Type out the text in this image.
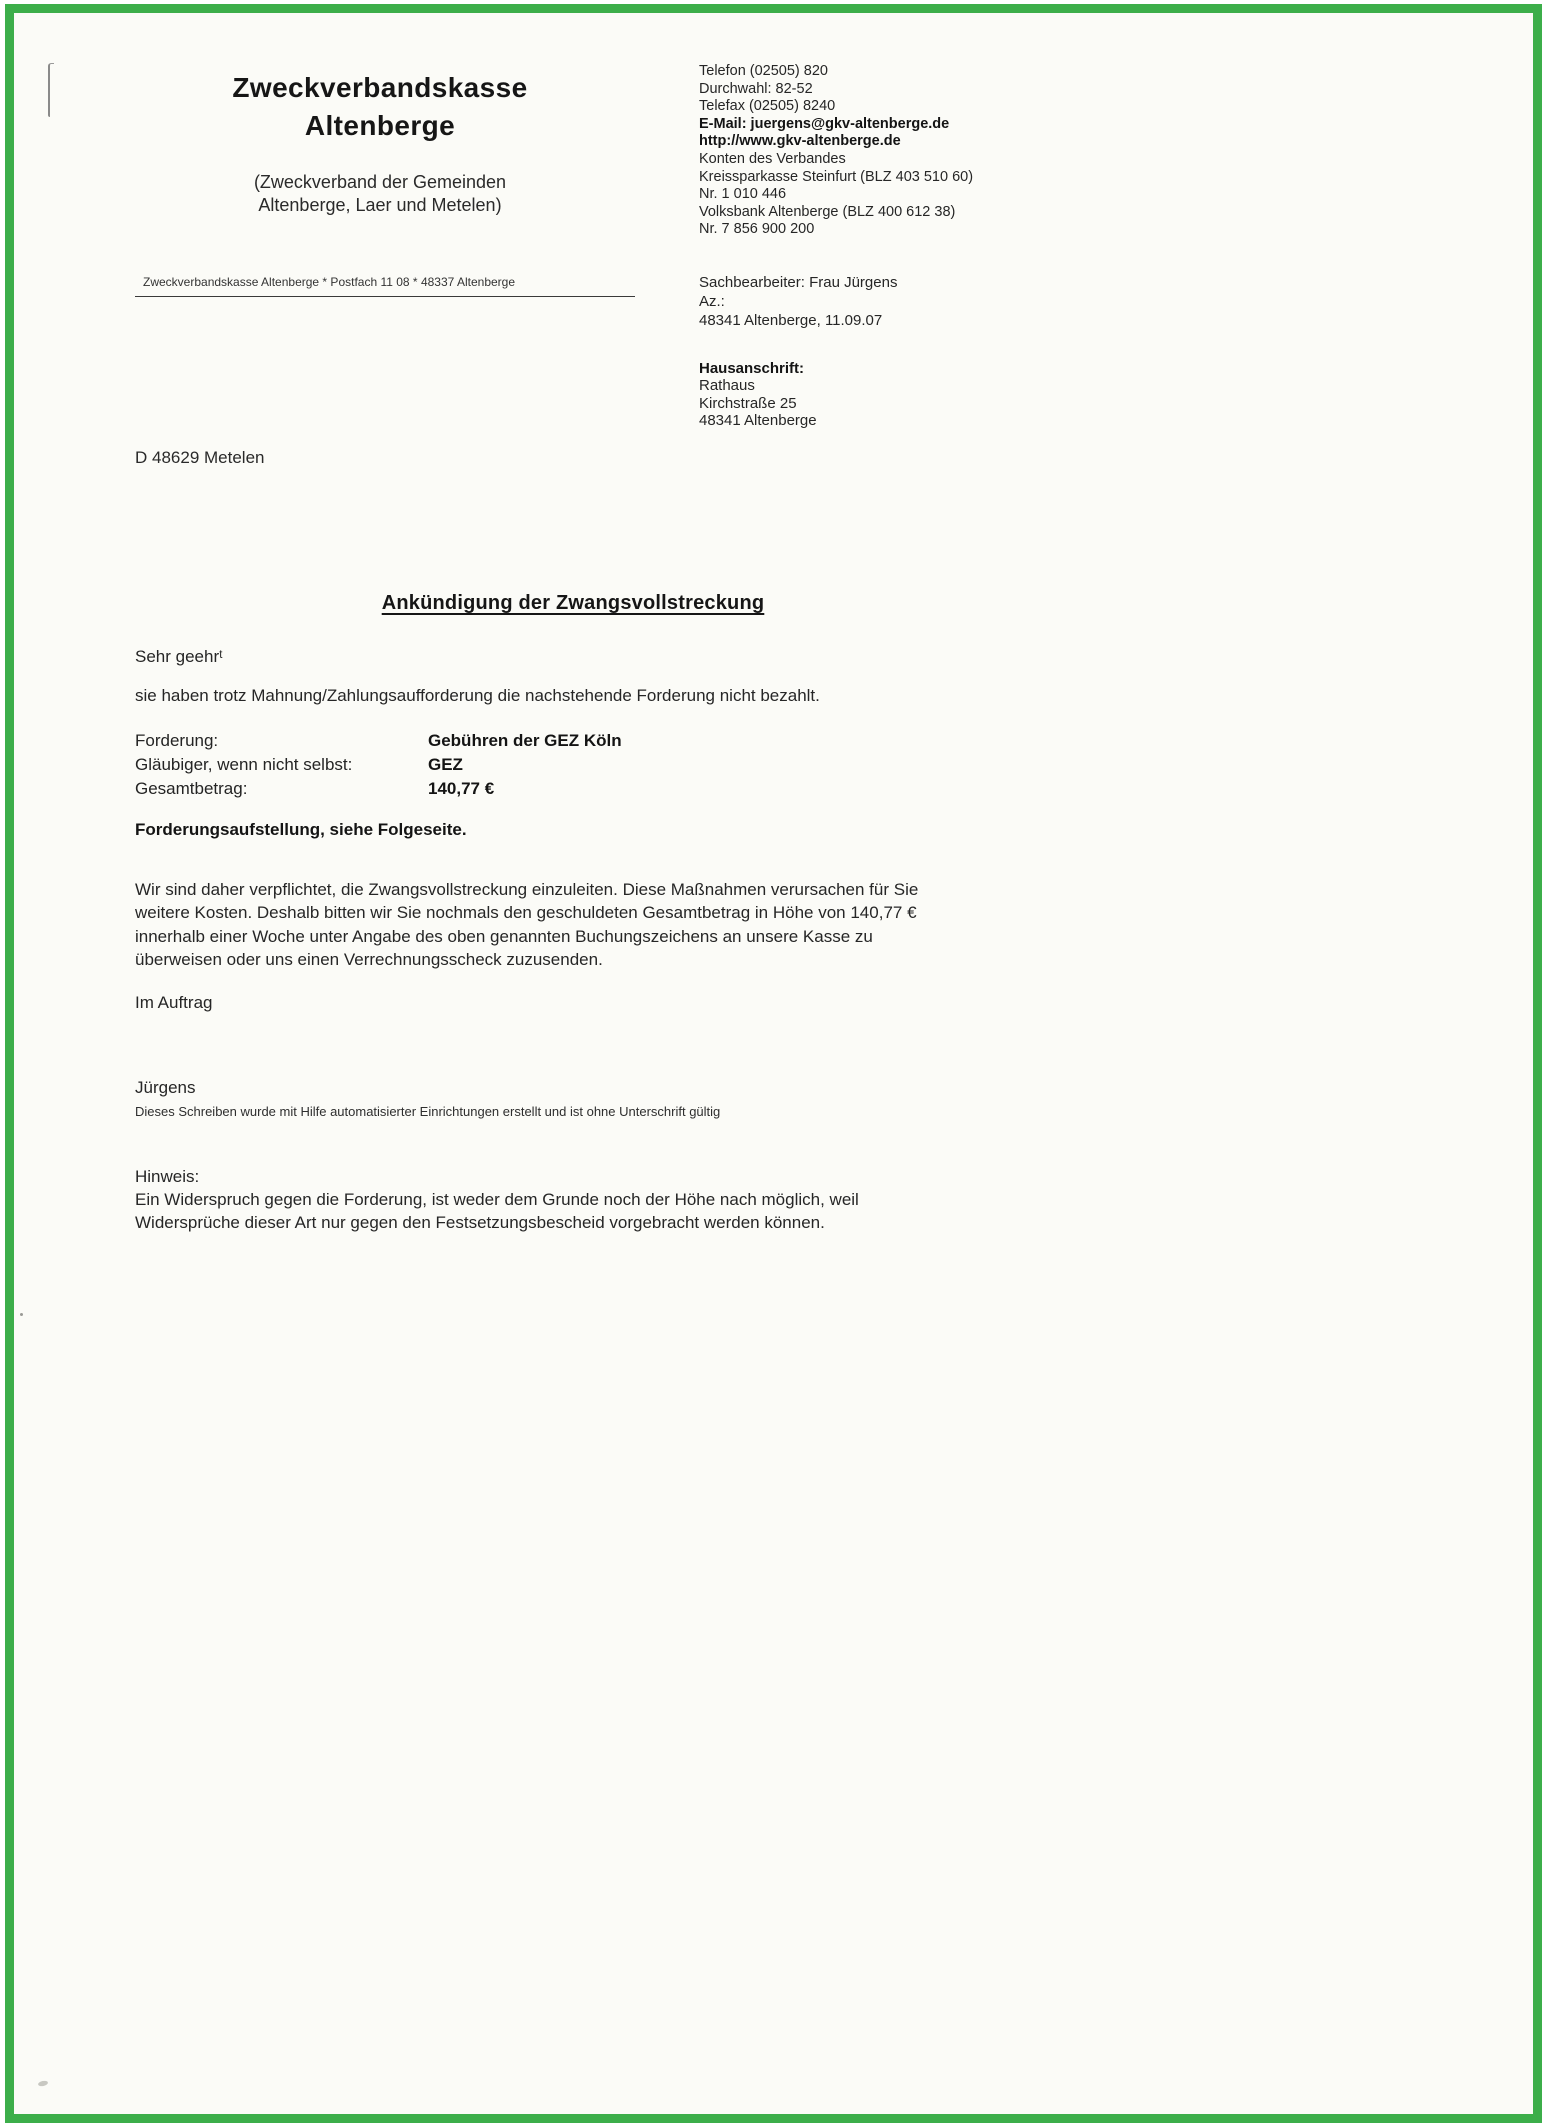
Zweckverbandskasse
Altenberge
(Zweckverband der Gemeinden
Altenberge, Laer und Metelen)
Telefon (02505) 820
Durchwahl: 82-52
Telefax (02505) 8240
E-Mail: juergens@gkv-altenberge.de
http://www.gkv-altenberge.de
Konten des Verbandes
Kreissparkasse Steinfurt (BLZ 403 510 60)
Nr. 1 010 446
Volksbank Altenberge (BLZ 400 612 38)
Nr. 7 856 900 200
Zweckverbandskasse Altenberge * Postfach 11 08 * 48337 Altenberge	Sachbearbeiter: Frau Jürgens
Az.:
48341 Altenberge, 11.09.07
Hausanschrift:
Rathaus
Kirchstraße 25
48341 Altenberge
D 48629 Metelen
Ankündigung der Zwangsvollstreckung

Sehr geehrᵗ

sie haben trotz Mahnung/Zahlungsaufforderung die nachstehende Forderung nicht bezahlt.

Forderung:	Gebühren der GEZ Köln
Gläubiger, wenn nicht selbst:	GEZ
Gesamtbetrag:	140,77 €

Forderungsaufstellung, siehe Folgeseite.

Wir sind daher verpflichtet, die Zwangsvollstreckung einzuleiten. Diese Maßnahmen verursachen für Sie
weitere Kosten. Deshalb bitten wir Sie nochmals den geschuldeten Gesamtbetrag in Höhe von 140,77 €
innerhalb einer Woche unter Angabe des oben genannten Buchungszeichens an unsere Kasse zu
überweisen oder uns einen Verrechnungsscheck zuzusenden.

Im Auftrag

Jürgens

Dieses Schreiben wurde mit Hilfe automatisierter Einrichtungen erstellt und ist ohne Unterschrift gültig

Hinweis:
Ein Widerspruch gegen die Forderung, ist weder dem Grunde noch der Höhe nach möglich, weil
Widersprüche dieser Art nur gegen den Festsetzungsbescheid vorgebracht werden können.
